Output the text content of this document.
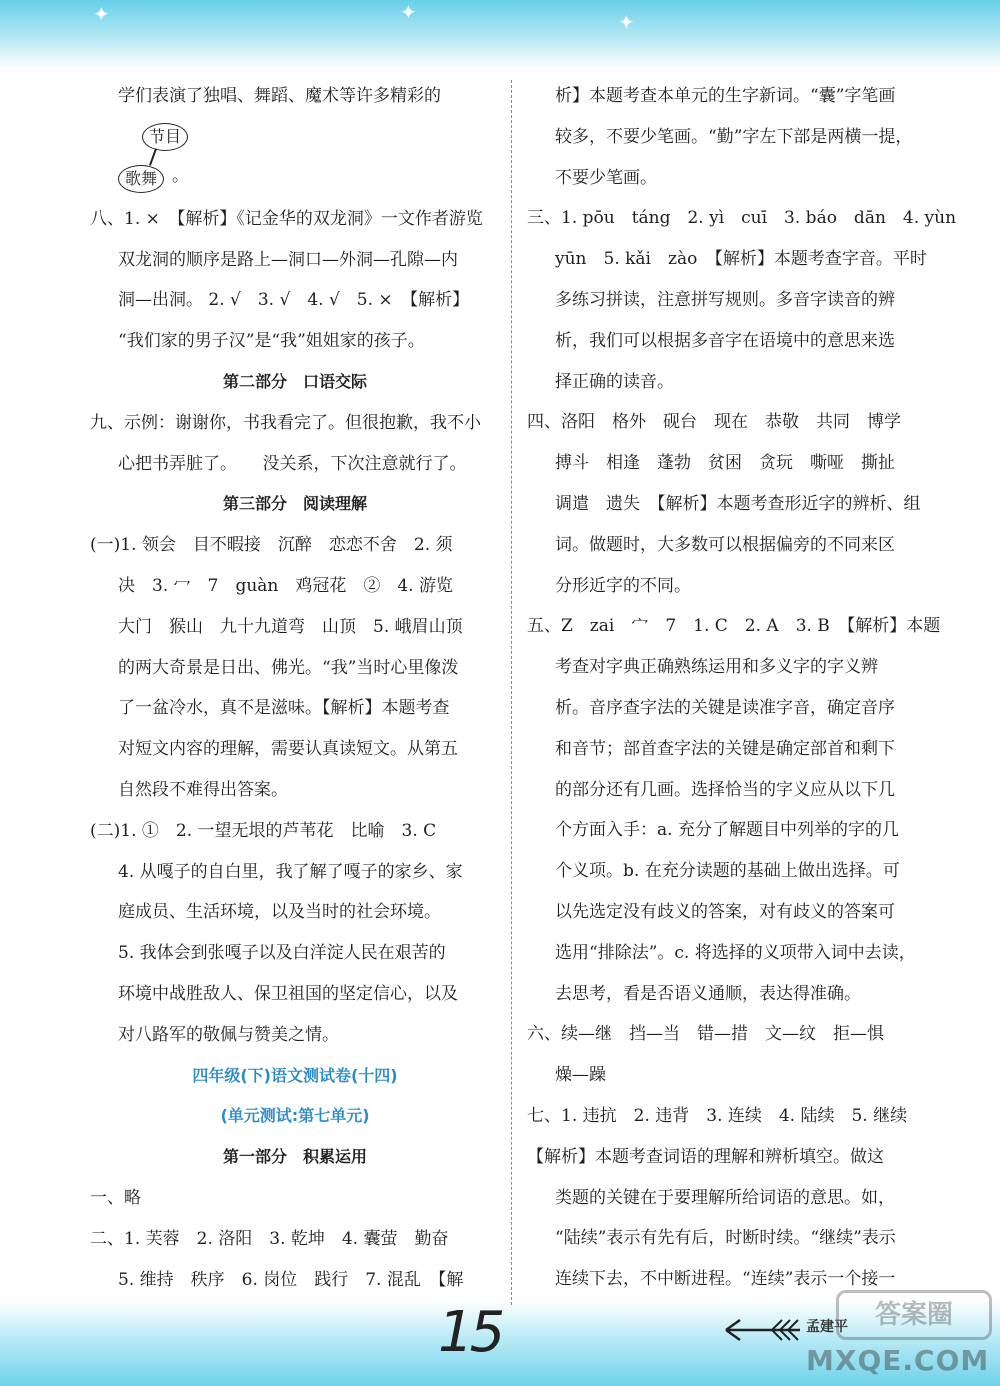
✦	✦	✦
学们表演了独唱、舞蹈、魔术等许多精彩的
节目
歌舞 。
八、1. ×　【解析】《记金华的双龙洞》一文作者游览
双龙洞的顺序是路上—洞口—外洞—孔隙—内
洞—出洞。 2. √　3. √　4. √　5. ×　【解析】
“我们家的男子汉”是“我”姐姐家的孩子。
第二部分　口语交际
九、示例：谢谢你，书我看完了。但很抱歉，我不小
心把书弄脏了。　　没关系，下次注意就行了。
第三部分　阅读理解
(一)1. 领会　目不暇接　沉醉　恋恋不舍　2. 须
决　3. 冖　7　guàn　鸡冠花　②　4. 游览
大门　猴山　九十九道弯　山顶　5. 峨眉山顶
的两大奇景是日出、佛光。“我”当时心里像泼
了一盆冷水，真不是滋味。【解析】本题考查
对短文内容的理解，需要认真读短文。从第五
自然段不难得出答案。
(二)1. ①　2. 一望无垠的芦苇花　比喻　3. C
4. 从嘎子的自白里，我了解了嘎子的家乡、家
庭成员、生活环境，以及当时的社会环境。
5. 我体会到张嘎子以及白洋淀人民在艰苦的
环境中战胜敌人、保卫祖国的坚定信心，以及
对八路军的敬佩与赞美之情。
四年级(下)语文测试卷(十四)
(单元测试:第七单元)
第一部分　积累运用
一、略
二、1. 芙蓉　2. 洛阳　3. 乾坤　4. 囊萤　勤奋
5. 维持　秩序　6. 岗位　践行　7. 混乱　【解
析】本题考查本单元的生字新词。“囊”字笔画
较多，不要少笔画。“勤”字左下部是两横一提，
不要少笔画。
三、1. pōu　táng　2. yì　cuī　3. báo　dān　4. yùn
yūn　5. kǎi　zào　【解析】本题考查字音。平时
多练习拼读，注意拼写规则。多音字读音的辨
析，我们可以根据多音字在语境中的意思来选
择正确的读音。
四、洛阳　格外　砚台　现在　恭敬　共同　博学
搏斗　相逢　蓬勃　贫困　贪玩　嘶哑　撕扯
调遣　遗失　【解析】本题考查形近字的辨析、组
词。做题时，大多数可以根据偏旁的不同来区
分形近字的不同。
五、Z　zai　宀　7　1. C　2. A　3. B　【解析】本题
考查对字典正确熟练运用和多义字的字义辨
析。音序查字法的关键是读准字音，确定音序
和音节；部首查字法的关键是确定部首和剩下
的部分还有几画。选择恰当的字义应从以下几
个方面入手：a. 充分了解题目中列举的字的几
个义项。b. 在充分读题的基础上做出选择。可
以先选定没有歧义的答案，对有歧义的答案可
选用“排除法”。c. 将选择的义项带入词中去读，
去思考，看是否语义通顺，表达得准确。
六、续—继　挡—当　错—措　文—纹　拒—惧
燥—躁
七、1. 违抗　2. 违背　3. 连续　4. 陆续　5. 继续
【解析】本题考查词语的理解和辨析填空。做这
类题的关键在于要理解所给词语的意思。如，
“陆续”表示有先有后，时断时续。“继续”表示
连续下去，不中断进程。“连续”表示一个接一
15	孟建平	答案圈
MXQE.COM
